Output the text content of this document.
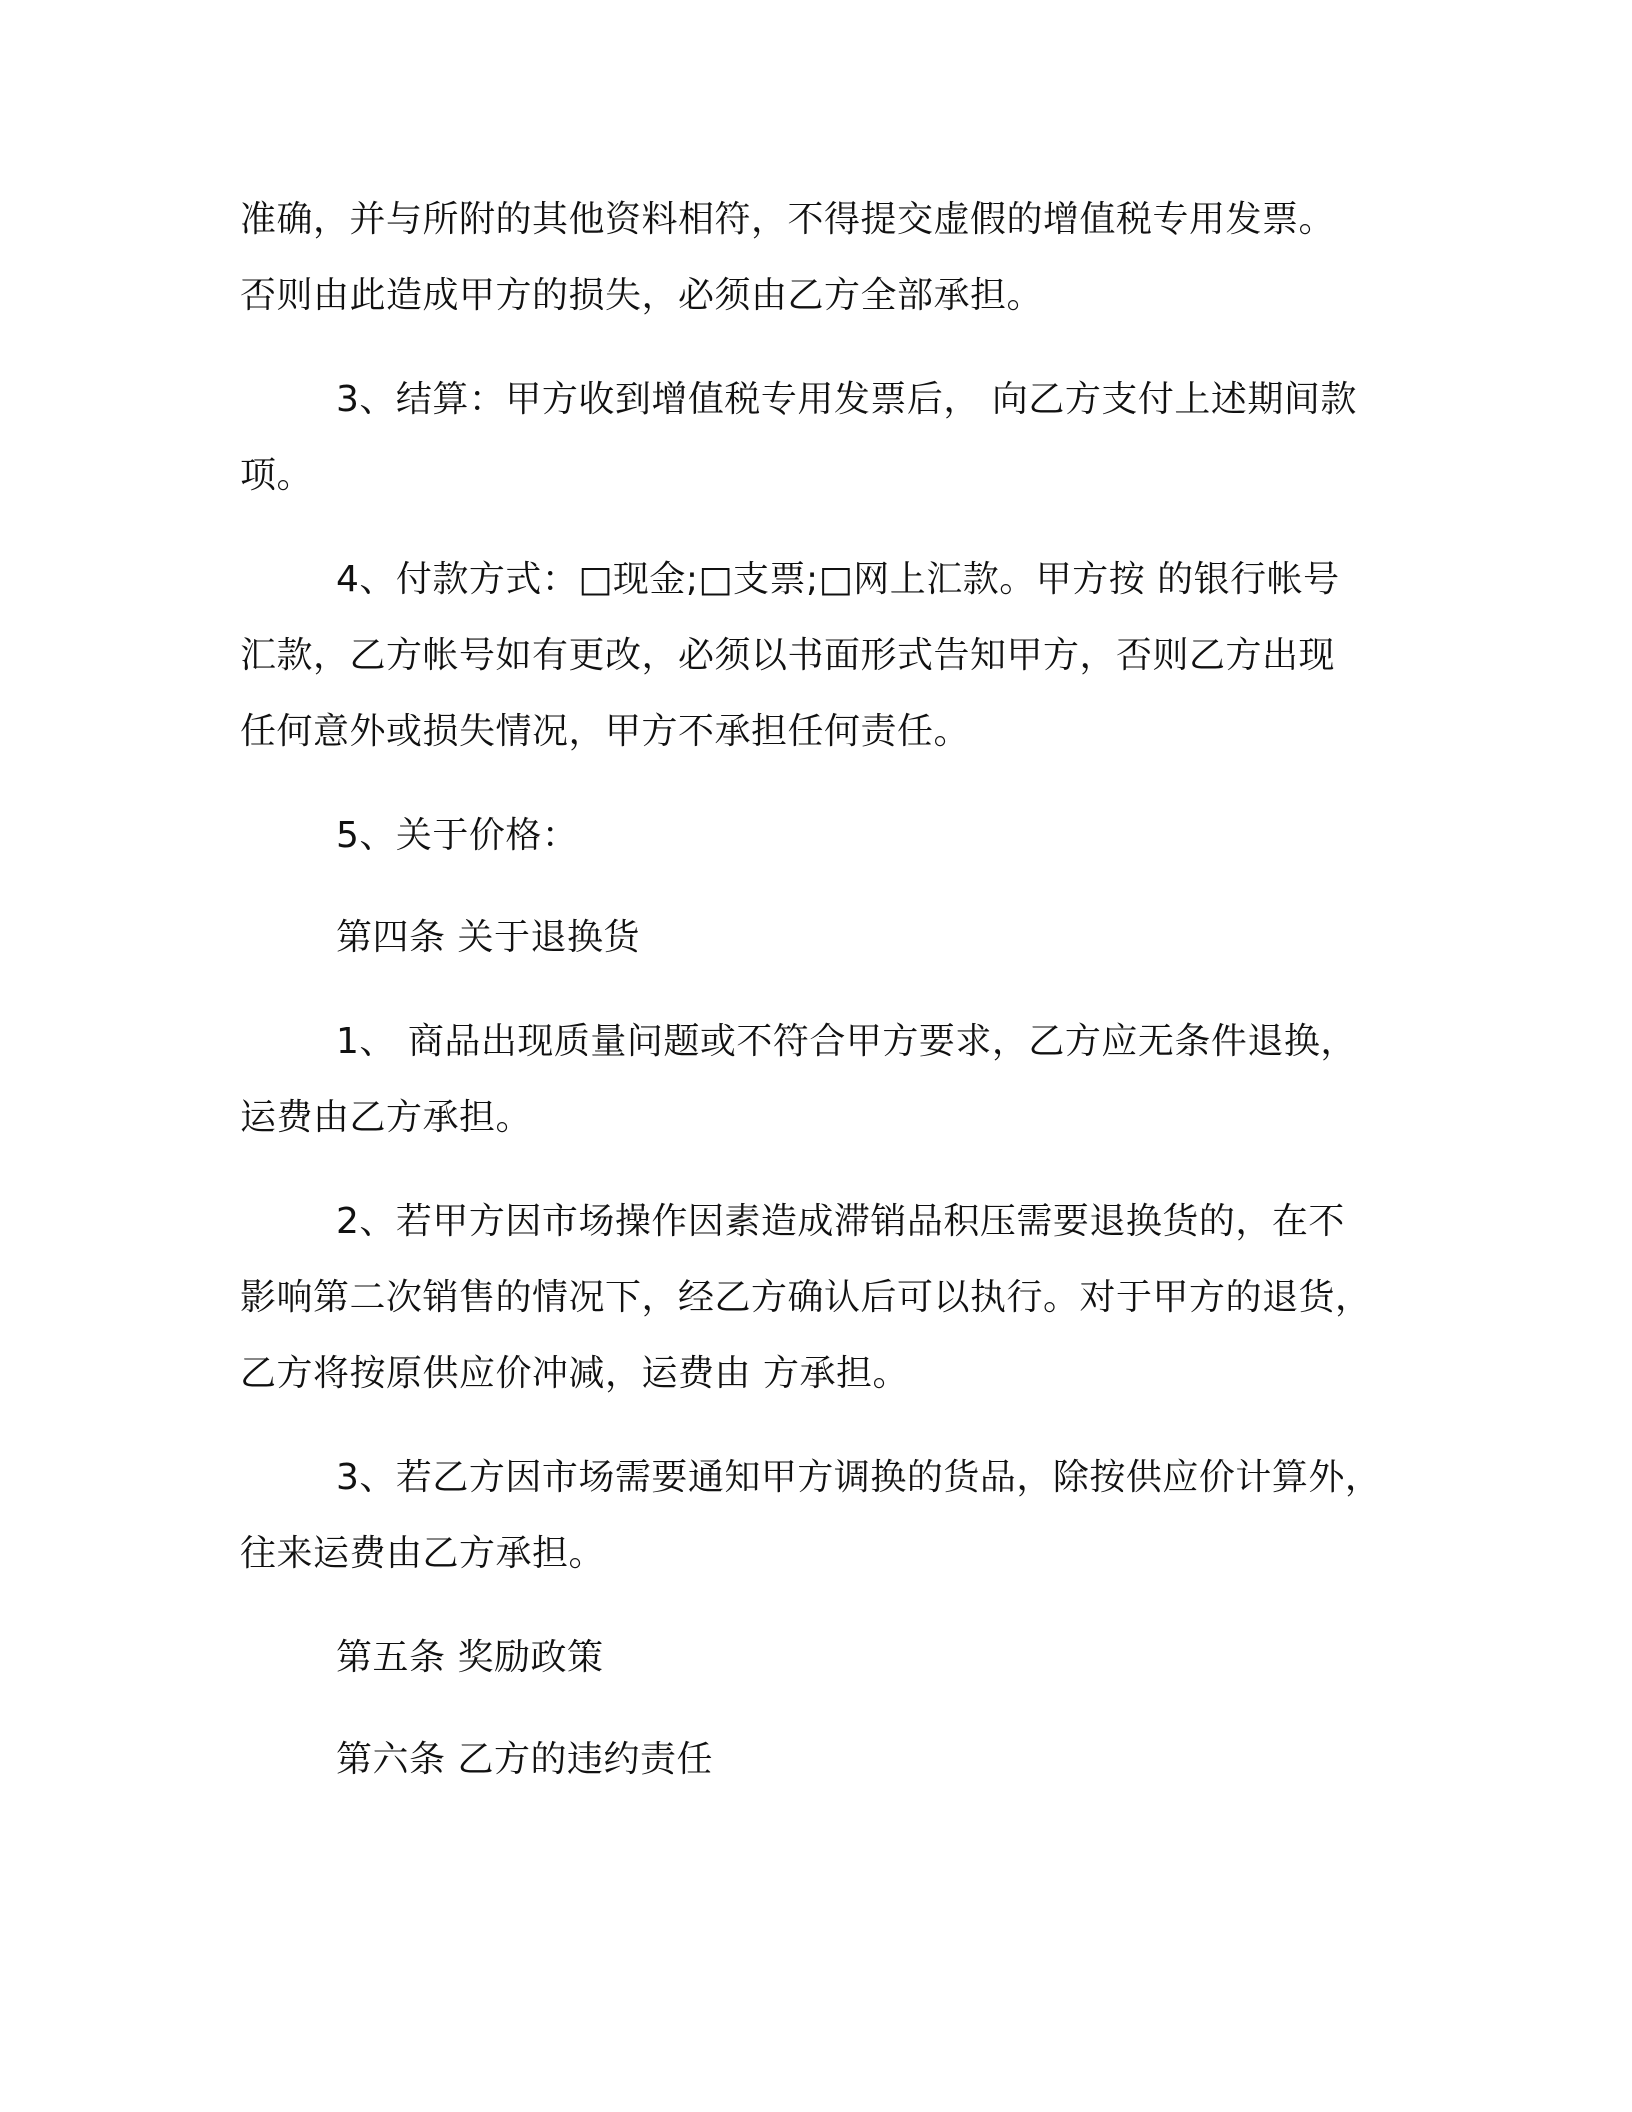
准确，并与所附的其他资料相符，不得提交虚假的增值税专用发票。
否则由此造成甲方的损失，必须由乙方全部承担。

3、结算：甲方收到增值税专用发票后， 向乙方支付上述期间款
项。

4、付款方式：□现金;□支票;□网上汇款。甲方按 的银行帐号
汇款，乙方帐号如有更改，必须以书面形式告知甲方，否则乙方出现
任何意外或损失情况，甲方不承担任何责任。

5、关于价格：

第四条 关于退换货

1、 商品出现质量问题或不符合甲方要求，乙方应无条件退换，
运费由乙方承担。

2、若甲方因市场操作因素造成滞销品积压需要退换货的，在不
影响第二次销售的情况下，经乙方确认后可以执行。对于甲方的退货，
乙方将按原供应价冲减，运费由 方承担。

3、若乙方因市场需要通知甲方调换的货品，除按供应价计算外，
往来运费由乙方承担。

第五条 奖励政策

第六条 乙方的违约责任
